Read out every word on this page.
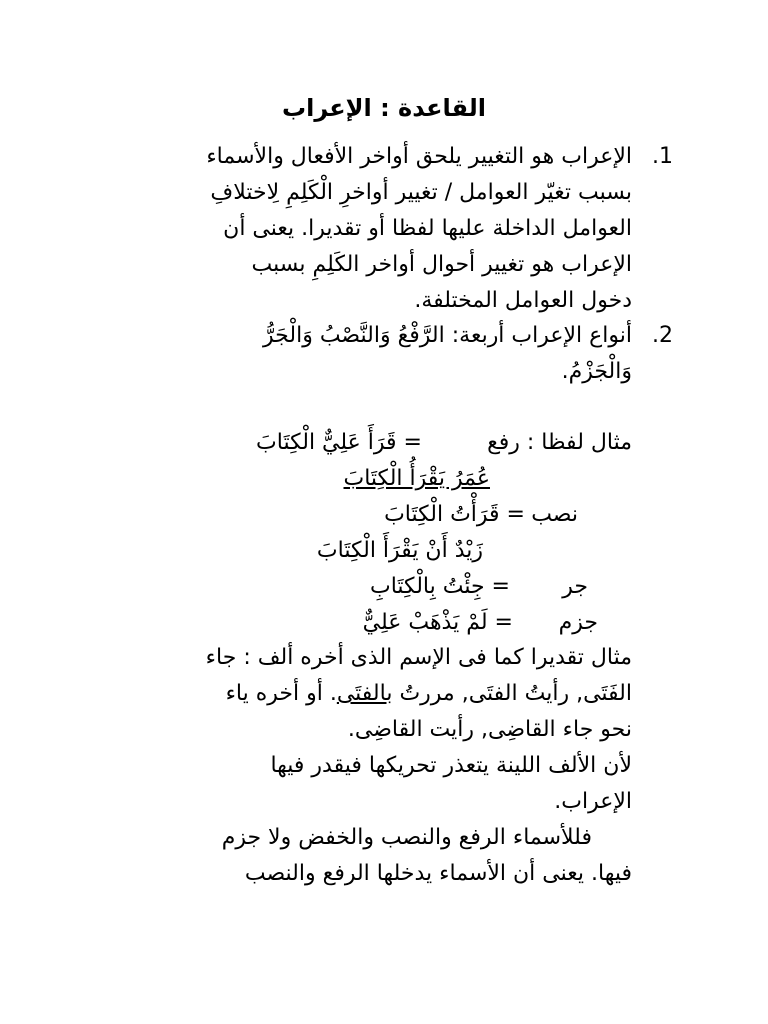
القاعدة : الإعراب
.1

الإعراب هو التغيير يلحق أواخر الأفعال والأسماء

بسبب تغيّر العوامل / تغيير أواخرِ الْكَلِمِ لِاختلافِ

العوامل الداخلة عليها لفظا أو تقديرا. يعنى أن

الإعراب هو تغيير أحوال أواخر الكَلِمِ بسبب

دخول العوامل المختلفة.

.2

أنواع الإعراب أربعة: الرَّفْعُ وَالنَّصْبُ وَالْجَرُّ

وَالْجَزْمُ.

مثال لفظا : رفع

= قَرَأَ عَلِيٌّ الْكِتَابَ

عُمَرُ يَقْرَأُ الْكِتَابَ

نصب

= قَرَأْتُ الْكِتَابَ

زَيْدٌ أَنْ يَقْرَأَ الْكِتَابَ

جر

= جِئْتُ بِالْكِتَابِ

جزم

= لَمْ يَذْهَبْ عَلِيٌّ

مثال تقديرا كما فى الإسم الذى أخره ألف : جاء

الفَتَى, رأيتُ الفتَى, مررتُ بالفتَى. أو أخره ياء

نحو جاء القاضِى, رأيت القاضِى.

لأن الألف اللينة يتعذر تحريكها فيقدر فيها

الإعراب.

فللأسماء الرفع والنصب والخفض ولا جزم

فيها. يعنى أن الأسماء يدخلها الرفع والنصب
